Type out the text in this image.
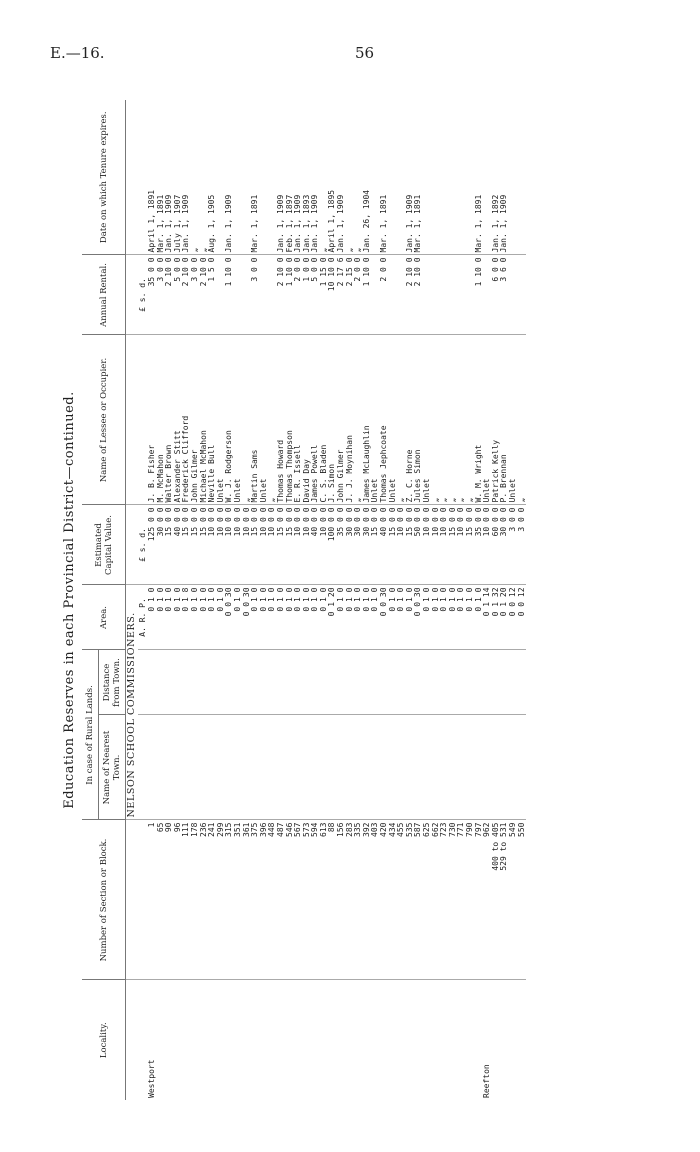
E.—16.	56
Education Reserves in each Provincial District—continued.
Locality.	Number of Section or Block.	In case of Rural Lands.		Area.	Estimated Capital Value.	Name of Lessee or Occupier.	Annual Rental.	Date on which Tenure expires.
		Name of Nearest Town.	Distance from Town.					
		NELSON SCHOOL COMMISSIONERS.						
				A. R. P.	£ s. d.		£ s. d.	
Westport	1			0 1 0	125 0 0	J. B. Fisher	35 0 0	April 1, 1891
	65			0 1 0	30 0 0	M. McMahon	3 0 0	Mar. 1, 1891
	90			0 1 0	15 0 0	Walter Brown	2 10 0	Jan. 1, 1909
	96			0 1 0	40 0 0	Alexander Stitt	5 0 0	July 1, 1907
	111			0 1 8	15 0 0	Frederick Clifford	2 10 0	Jan. 1, 1909
	178			0 1 0	15 0 0	John Gilmer	3 0 0	„
	236			0 1 0	15 0 0	Michael McMahon	2 10 0	„
	241			0 1 0	10 0 0	Neville Bull	1 5 0	Aug. 1, 1905
	299			0 1 0	10 0 0	Unlet		
	315			0 0 30	10 0 0	W. J. Rodgerson	1 10 0	Jan. 1, 1909
	351			0 1 0	10 0 0	Unlet		
	361			0 0 30	10 0 0	„		
	375			0 1 0	15 0 0	Martin Sams	3 0 0	Mar. 1, 1891
	396			0 1 0	10 0 0	Unlet		
	448			0 1 0	10 0 0	„		
	487			0 1 0	15 0 0	Thomas Howard	2 10 0	Jan. 1, 1909
	546			0 1 0	15 0 0	Thomas Thompson	1 10 0	Feb. 1, 1897
	567			0 1 0	10 0 0	E. R. Issell	2 0 0	Jan. 1, 1909
	573			0 1 0	10 0 0	David Day	1 0 0	Jan. 1, 1893
	594			0 1 0	40 0 0	James Powell	5 0 0	Jan. 1, 1909
	613			0 1 0	10 0 0	C. S. Bladen	1 15 0	„
	88			0 1 20	100 0 0	J. Simon	10 10 0	April 1, 1895
	156			0 1 0	35 0 0	John Gilmer	2 17 6	Jan. 1, 1909
	283			0 1 0	30 0 0	J. J. Moynihan	2 15 0	„
	335			0 1 0	30 0 0	„	2 0 0	„
	392			0 1 0	30 0 0	James McLaughlin	1 10 0	Jan. 26, 1904
	403			0 1 0	15 0 0	Unlet		
	420			0 0 30	40 0 0	Thomas Jephcoate	2 0 0	Mar. 1, 1891
	434			0 1 0	15 0 0	Unlet		
	455			0 1 0	10 0 0	„		
	535			0 1 0	15 0 0	Z. C. Horne	2 10 0	Jan. 1, 1909
	587			0 0 30	50 0 0	Jules Simon	2 10 0	Mar. 1, 1891
	625			0 1 0	10 0 0	Unlet		
	662			0 1 0	10 0 0	„		
	723			0 1 0	10 0 0	„		
	730			0 1 0	15 0 0	„		
	771			0 1 0	10 0 0	„		
	790			0 1 0	15 0 0	„		
	797			0 1 0	35 0 0	W. M. Wright	1 10 0	Mar. 1, 1891
Reefton	962			0 1 14	10 0 0	Unlet		
	400 to 405			0 1 32	60 0 0	Patrick Kelly	6 0 0	Jan. 1, 1892
	529 to 531			0 1 20	30 0 0	P. Brennan	3 6 0	Jan. 1, 1909
	549			0 0 12	3 0 0	Unlet		
	550			0 0 12	3 0 0	„		
